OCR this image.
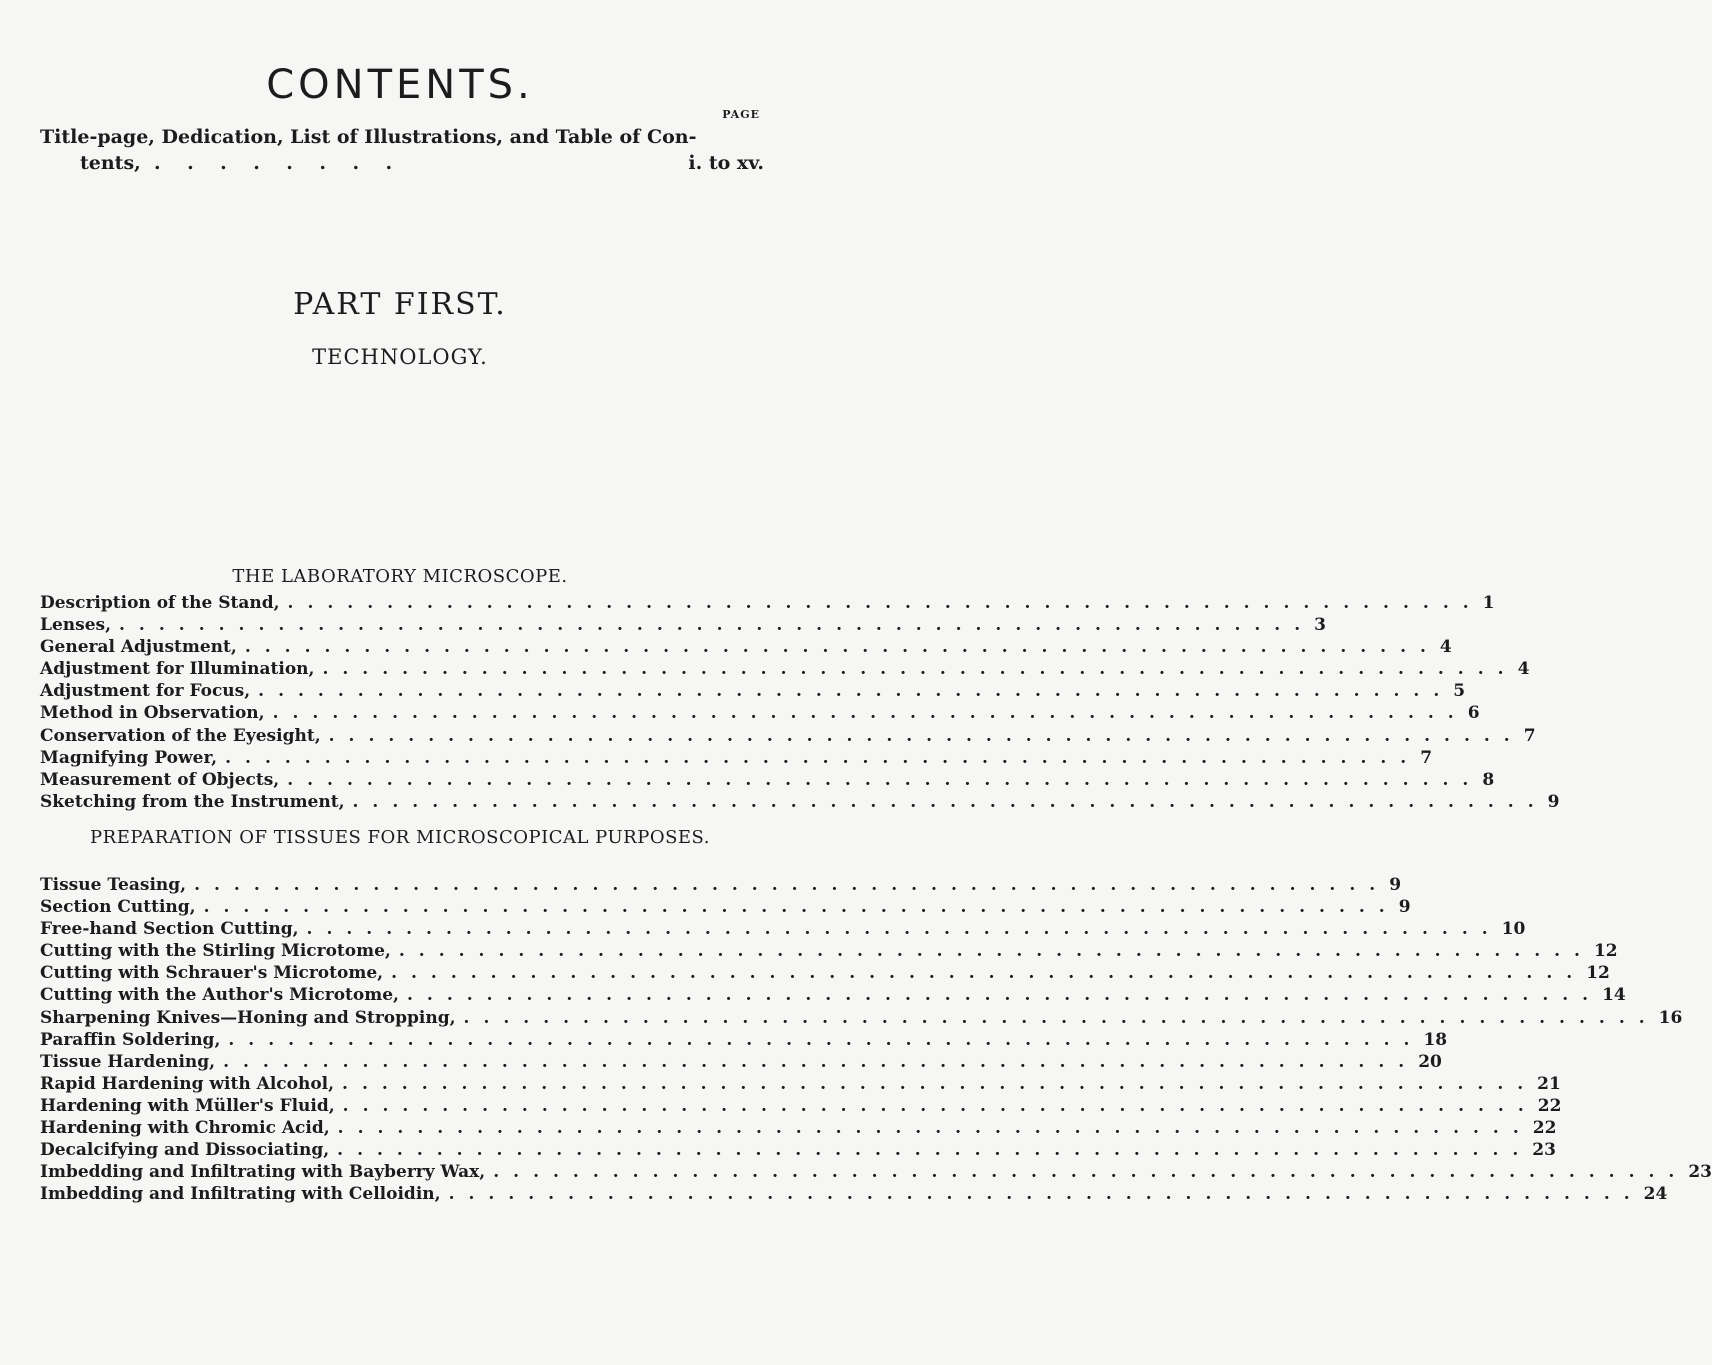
CONTENTS.
PAGE
Title-page, Dedication, List of Illustrations, and Table of Con-
tents, .    .    .    .    .    .    .    .	i. to xv.
PART FIRST.
TECHNOLOGY.
THE LABORATORY MICROSCOPE.
Description of the Stand, ............................................................ 1
Lenses, ............................................................ 3
General Adjustment, ............................................................ 4
Adjustment for Illumination, ............................................................ 4
Adjustment for Focus, ............................................................ 5
Method in Observation, ............................................................ 6
Conservation of the Eyesight, ............................................................ 7
Magnifying Power, ............................................................ 7
Measurement of Objects, ............................................................ 8
Sketching from the Instrument, ............................................................ 9
PREPARATION OF TISSUES FOR MICROSCOPICAL PURPOSES.
Tissue Teasing, ............................................................ 9
Section Cutting, ............................................................ 9
Free-hand Section Cutting, ............................................................ 10
Cutting with the Stirling Microtome, ............................................................ 12
Cutting with Schrauer's Microtome, ............................................................ 12
Cutting with the Author's Microtome, ............................................................ 14
Sharpening Knives—Honing and Stropping, ............................................................ 16
Paraffin Soldering, ............................................................ 18
Tissue Hardening, ............................................................ 20
Rapid Hardening with Alcohol, ............................................................ 21
Hardening with Müller's Fluid, ............................................................ 22
Hardening with Chromic Acid, ............................................................ 22
Decalcifying and Dissociating, ............................................................ 23
Imbedding and Infiltrating with Bayberry Wax, ............................................................ 23
Imbedding and Infiltrating with Celloidin, ............................................................ 24
